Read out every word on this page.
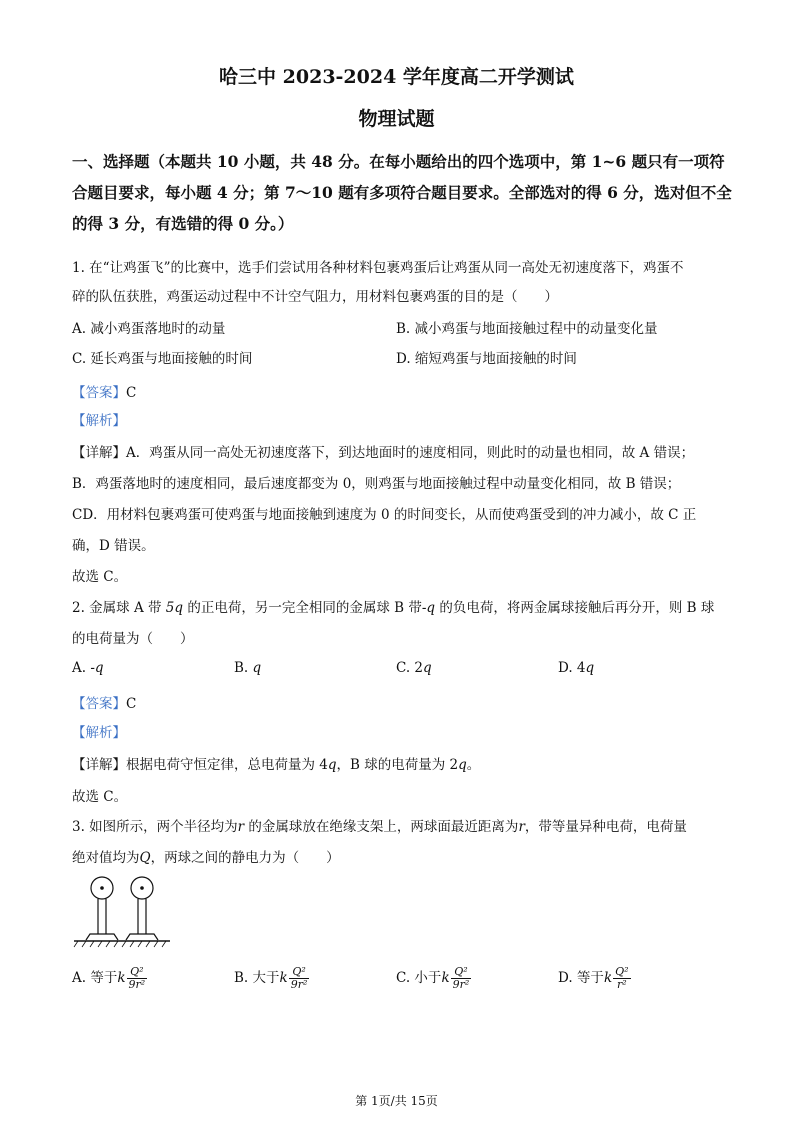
哈三中 2023-2024 学年度高二开学测试
物理试题
一、选择题（本题共 10 小题，共 48 分。在每小题给出的四个选项中，第 1~6 题只有一项符合题目要求，每小题 4 分；第 7～10 题有多项符合题目要求。全部选对的得 6 分，选对但不全的得 3 分，有选错的得 0 分。）
1. 在“让鸡蛋飞”的比赛中，选手们尝试用各种材料包裹鸡蛋后让鸡蛋从同一高处无初速度落下，鸡蛋不
碎的队伍获胜，鸡蛋运动过程中不计空气阻力，用材料包裹鸡蛋的目的是（　　）
A. 减小鸡蛋落地时的动量	B. 减小鸡蛋与地面接触过程中的动量变化量
C. 延长鸡蛋与地面接触的时间	D. 缩短鸡蛋与地面接触的时间
【答案】C
【解析】
【详解】A．鸡蛋从同一高处无初速度落下，到达地面时的速度相同，则此时的动量也相同，故 A 错误；
B．鸡蛋落地时的速度相同，最后速度都变为 0，则鸡蛋与地面接触过程中动量变化相同，故 B 错误；
CD．用材料包裹鸡蛋可使鸡蛋与地面接触到速度为 0 的时间变长，从而使鸡蛋受到的冲力减小，故 C 正
确，D 错误。
故选 C。
2. 金属球 A 带 5q 的正电荷，另一完全相同的金属球 B 带-q 的负电荷，将两金属球接触后再分开，则 B 球
的电荷量为（　　）
A. -q	B. q	C. 2q	D. 4q
【答案】C
【解析】
【详解】根据电荷守恒定律，总电荷量为 4q，B 球的电荷量为 2q。
故选 C。
3. 如图所示，两个半径均为r 的金属球放在绝缘支架上，两球面最近距离为r，带等量异种电荷，电荷量
绝对值均为Q，两球之间的静电力为（　　）
A. 等于k $\frac{\text{Q²}}{\text{9r²}}$	B. 大于k $\frac{\text{Q²}}{\text{9r²}}$	C. 小于k $\frac{\text{Q²}}{\text{9r²}}$	D. 等于k $\frac{\text{Q²}}{\text{r²}}$
第 1页/共 15页
